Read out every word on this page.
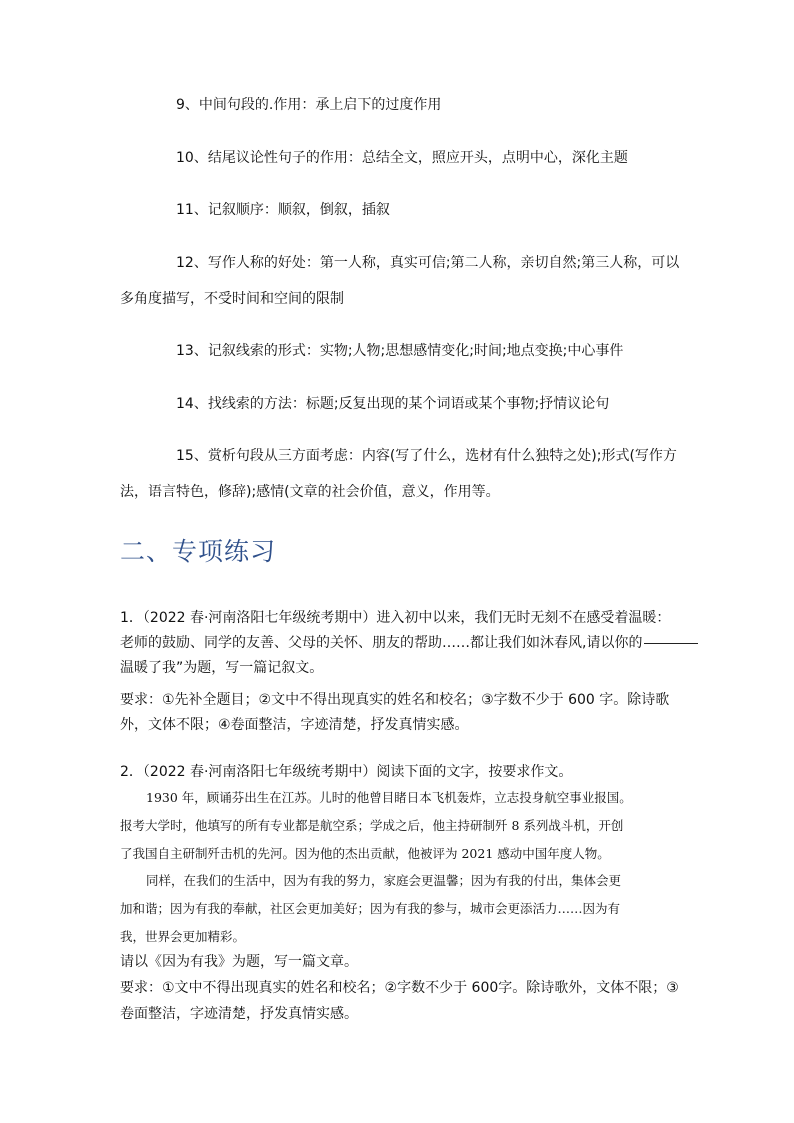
9、中间句段的.作用：承上启下的过度作用
10、结尾议论性句子的作用：总结全文，照应开头，点明中心，深化主题
11、记叙顺序：顺叙，倒叙，插叙
12、写作人称的好处：第一人称，真实可信;第二人称，亲切自然;第三人称，可以
多角度描写，不受时间和空间的限制
13、记叙线索的形式：实物;人物;思想感情变化;时间;地点变换;中心事件
14、找线索的方法：标题;反复出现的某个词语或某个事物;抒情议论句
15、赏析句段从三方面考虑：内容(写了什么，选材有什么独特之处);形式(写作方
法，语言特色，修辞);感情(文章的社会价值，意义，作用等。
二、专项练习
1．（2022 春·河南洛阳七年级统考期中）进入初中以来，我们无时无刻不在感受着温暖：
老师的鼓励、同学的友善、父母的关怀、朋友的帮助……都让我们如沐春风,请以你的
温暖了我”为题，写一篇记叙文。
要求：①先补全题目；②文中不得出现真实的姓名和校名；③字数不少于 600 字。除诗歌
外，文体不限；④卷面整洁，字迹清楚，抒发真情实感。
2．（2022 春·河南洛阳七年级统考期中）阅读下面的文字，按要求作文。
1930 年，顾诵芬出生在江苏。儿时的他曾目睹日本飞机轰炸，立志投身航空事业报国。
报考大学时，他填写的所有专业都是航空系；学成之后，他主持研制歼 8 系列战斗机，开创
了我国自主研制歼击机的先河。因为他的杰出贡献，他被评为 2021 感动中国年度人物。
同样，在我们的生活中，因为有我的努力，家庭会更温馨；因为有我的付出，集体会更
加和谐；因为有我的奉献，社区会更加美好；因为有我的参与，城市会更添活力……因为有
我，世界会更加精彩。
请以《因为有我》为题，写一篇文章。
要求：①文中不得出现真实的姓名和校名；②字数不少于 600字。除诗歌外，文体不限；③
卷面整洁，字迹清楚，抒发真情实感。
